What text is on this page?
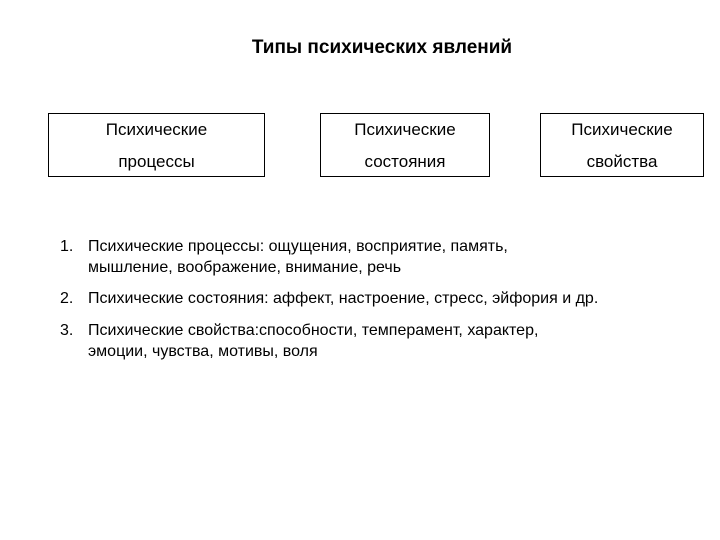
Типы психических явлений
Психические
процессы
Психические
состояния
Психические
свойства
1. Психические процессы: ощущения, восприятие, память,
мышление, воображение, внимание, речь
2. Психические состояния: аффект, настроение, стресс, эйфория и др.
3. Психические свойства:способности, темперамент, характер,
эмоции, чувства, мотивы, воля
